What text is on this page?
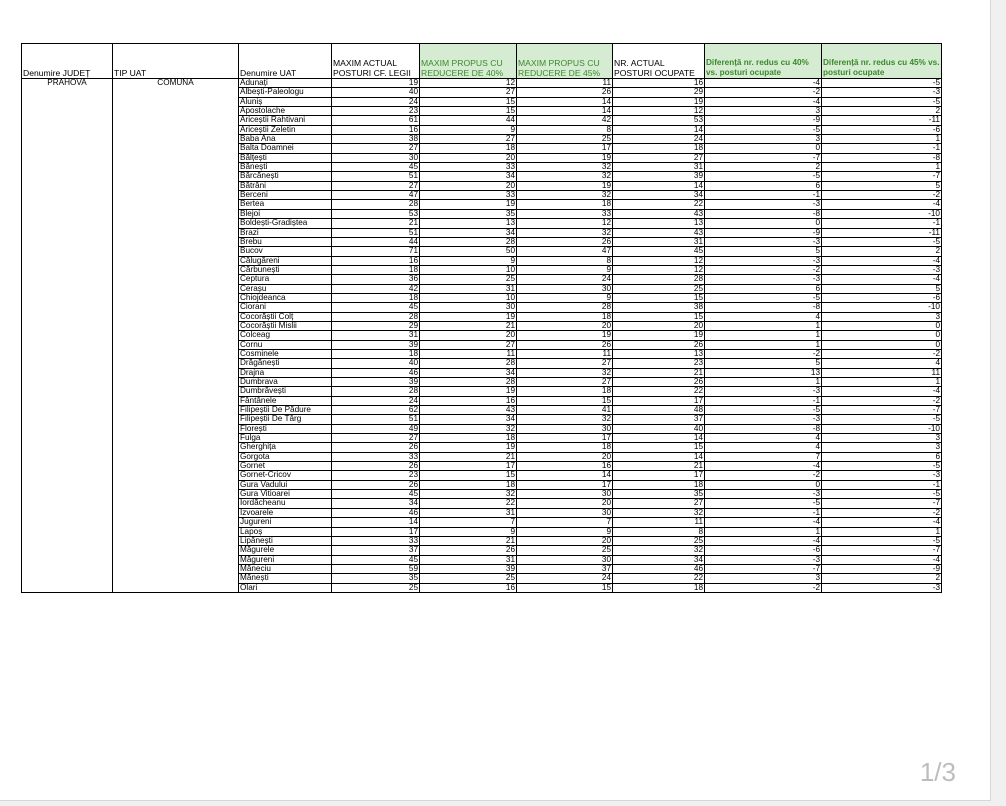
Denumire JUDEȚ	TIP UAT	Denumire UAT	MAXIM ACTUAL POSTURI CF. LEGII	MAXIM PROPUS CU REDUCERE DE 40%	MAXIM PROPUS CU REDUCERE DE 45%	NR. ACTUAL POSTURI OCUPATE	Diferență nr. redus cu 40% vs. posturi ocupate	Diferență nr. redus cu 45% vs. posturi ocupate
PRAHOVA	COMUNA	Adunați	19	12	11	16	-4	-5
		Albești-Paleologu	40	27	26	29	-2	-3
		Aluniș	24	15	14	19	-4	-5
		Apostolache	23	15	14	12	3	2
		Ariceștii Rahtivani	61	44	42	53	-9	-11
		Ariceștii Zeletin	16	9	8	14	-5	-6
		Baba Ana	38	27	25	24	3	1
		Balta Doamnei	27	18	17	18	0	-1
		Bălțești	30	20	19	27	-7	-8
		Bănești	45	33	32	31	2	1
		Bărcănești	51	34	32	39	-5	-7
		Bătrâni	27	20	19	14	6	5
		Berceni	47	33	32	34	-1	-2
		Bertea	28	19	18	22	-3	-4
		Blejoi	53	35	33	43	-8	-10
		Boldești-Gradiștea	21	13	12	13	0	-1
		Brazi	51	34	32	43	-9	-11
		Brebu	44	28	26	31	-3	-5
		Bucov	71	50	47	45	5	2
		Călugăreni	16	9	8	12	-3	-4
		Cărbunești	18	10	9	12	-2	-3
		Ceptura	36	25	24	28	-3	-4
		Cerașu	42	31	30	25	6	5
		Chiojdeanca	18	10	9	15	-5	-6
		Ciorani	45	30	28	38	-8	-10
		Cocorăștii Colț	28	19	18	15	4	3
		Cocorăștii Mislii	29	21	20	20	1	0
		Colceag	31	20	19	19	1	0
		Cornu	39	27	26	26	1	0
		Cosminele	18	11	11	13	-2	-2
		Drăgănești	40	28	27	23	5	4
		Drajna	46	34	32	21	13	11
		Dumbrava	39	28	27	26	1	1
		Dumbrăvești	28	19	18	22	-3	-4
		Fântânele	24	16	15	17	-1	-2
		Filipeștii De Pădure	62	43	41	48	-5	-7
		Filipeștii De Târg	51	34	32	37	-3	-5
		Florești	49	32	30	40	-8	-10
		Fulga	27	18	17	14	4	3
		Gherghița	26	19	18	15	4	3
		Gorgota	33	21	20	14	7	6
		Gornet	26	17	16	21	-4	-5
		Gornet-Cricov	23	15	14	17	-2	-3
		Gura Vadului	26	18	17	18	0	-1
		Gura Vitioarei	45	32	30	35	-3	-5
		Iordăcheanu	34	22	20	27	-5	-7
		Izvoarele	46	31	30	32	-1	-2
		Jugureni	14	7	7	11	-4	-4
		Lapoș	17	9	9	8	1	1
		Lipănești	33	21	20	25	-4	-5
		Măgurele	37	26	25	32	-6	-7
		Măgureni	45	31	30	34	-3	-4
		Măneciu	59	39	37	46	-7	-9
		Mănești	35	25	24	22	3	2
		Olari	25	16	15	18	-2	-3
1/3
